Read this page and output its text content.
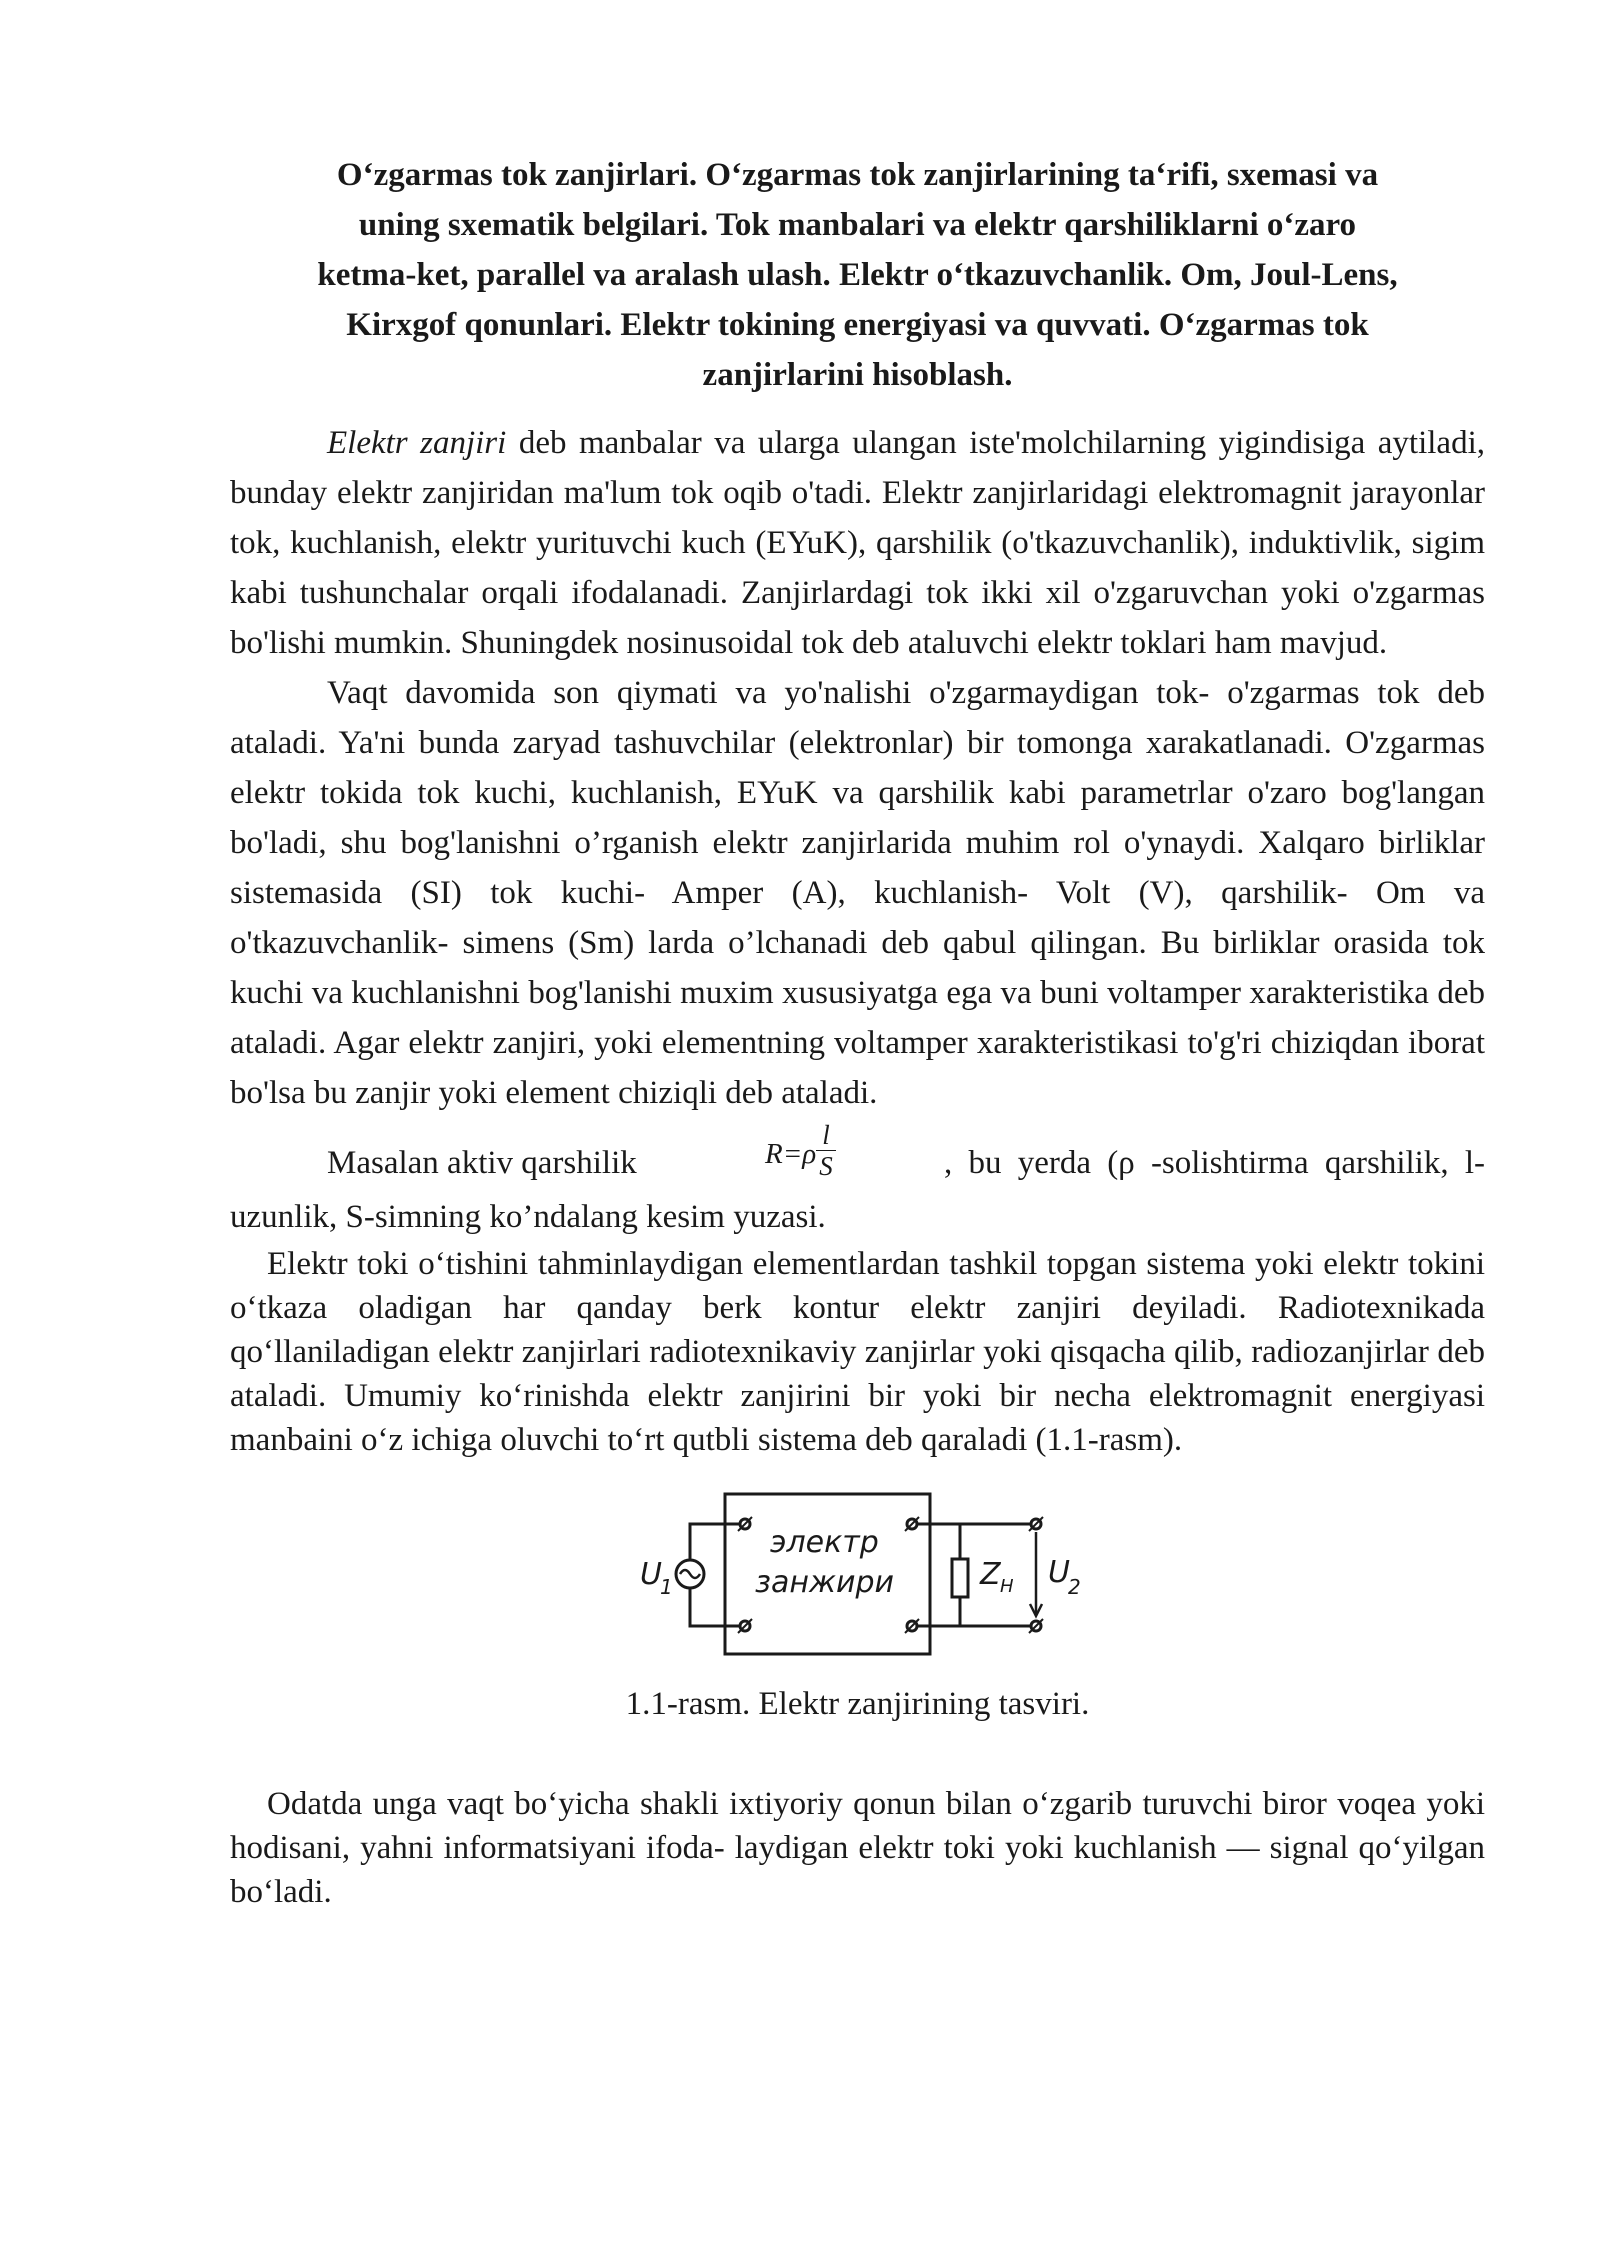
O‘zgarmas tok zanjirlari. O‘zgarmas tok zanjirlarining ta‘rifi, sxemasi va
uning sxematik belgilari. Tok manbalari va elektr qarshiliklarni o‘zaro
ketma-ket, parallel va aralash ulash. Elektr o‘tkazuvchanlik. Om, Joul-Lens,
Kirxgof qonunlari. Elektr tokining energiyasi va quvvati. O‘zgarmas tok
zanjirlarini hisoblash.

Elektr zanjiri deb manbalar va ularga ulangan iste'molchilarning yigindisiga aytiladi, bunday elektr zanjiridan ma'lum tok oqib o'tadi. Elektr zanjirlaridagi elektromagnit jarayonlar tok, kuchlanish, elektr yurituvchi kuch (EYuK), qarshilik (o'tkazuvchanlik), induktivlik, sigim kabi tushunchalar orqali ifodalanadi. Zanjirlardagi tok ikki xil o'zgaruvchan yoki o'zgarmas bo'lishi mumkin. Shuningdek nosinusoidal tok deb ataluvchi elektr toklari ham mavjud.

Vaqt davomida son qiymati va yo'nalishi o'zgarmaydigan tok- o'zgarmas tok deb ataladi. Ya'ni bunda zaryad tashuvchilar (elektronlar) bir tomonga xarakatlanadi. O'zgarmas elektr tokida tok kuchi, kuchlanish, EYuK va qarshilik kabi parametrlar o'zaro bog'langan bo'ladi, shu bog'lanishni o’rganish elektr zanjirlarida muhim rol o'ynaydi. Xalqaro birliklar sistemasida (SI) tok kuchi- Amper (A), kuchlanish- Volt (V), qarshilik- Om va o'tkazuvchanlik- simens (Sm) larda o’lchanadi deb qabul qilingan. Bu birliklar orasida tok kuchi va kuchlanishni bog'lanishi muxim xususiyatga ega va buni voltamper xarakteristika deb ataladi. Agar elektr zanjiri, yoki elementning voltamper xarakteristikasi to'g'ri chiziqdan iborat bo'lsa bu zanjir yoki element chiziqli deb ataladi.

Masalan aktiv qarshilik	$R=\rho \frac{l}{S}$	, bu yerda (ρ -solishtirma qarshilik, l-

uzunlik, S-simning ko’ndalang kesim yuzasi.

Elektr toki o‘tishini tahminlaydigan elementlardan tashkil topgan sistema yoki elektr tokini o‘tkaza oladigan har qanday berk kontur elektr zanjiri deyiladi. Radiotexnikada qo‘llaniladigan elektr zanjirlari radiotexnikaviy zanjirlar yoki qisqacha qilib, radiozanjirlar deb ataladi. Umumiy ko‘rinishda elektr zanjirini bir yoki bir necha elektromagnit energiyasi manbaini o‘z ichiga oluvchi to‘rt qutbli sistema deb qaraladi (1.1-rasm).

электр
занжири
U
1	Z Н U
2

1.1-rasm. Elektr zanjirining tasviri.

Odatda unga vaqt bo‘yicha shakli ixtiyoriy qonun bilan o‘zgarib turuvchi biror voqea yoki hodisani, yahni informatsiyani ifoda- laydigan elektr toki yoki kuchlanish — signal qo‘yilgan bo‘ladi.
